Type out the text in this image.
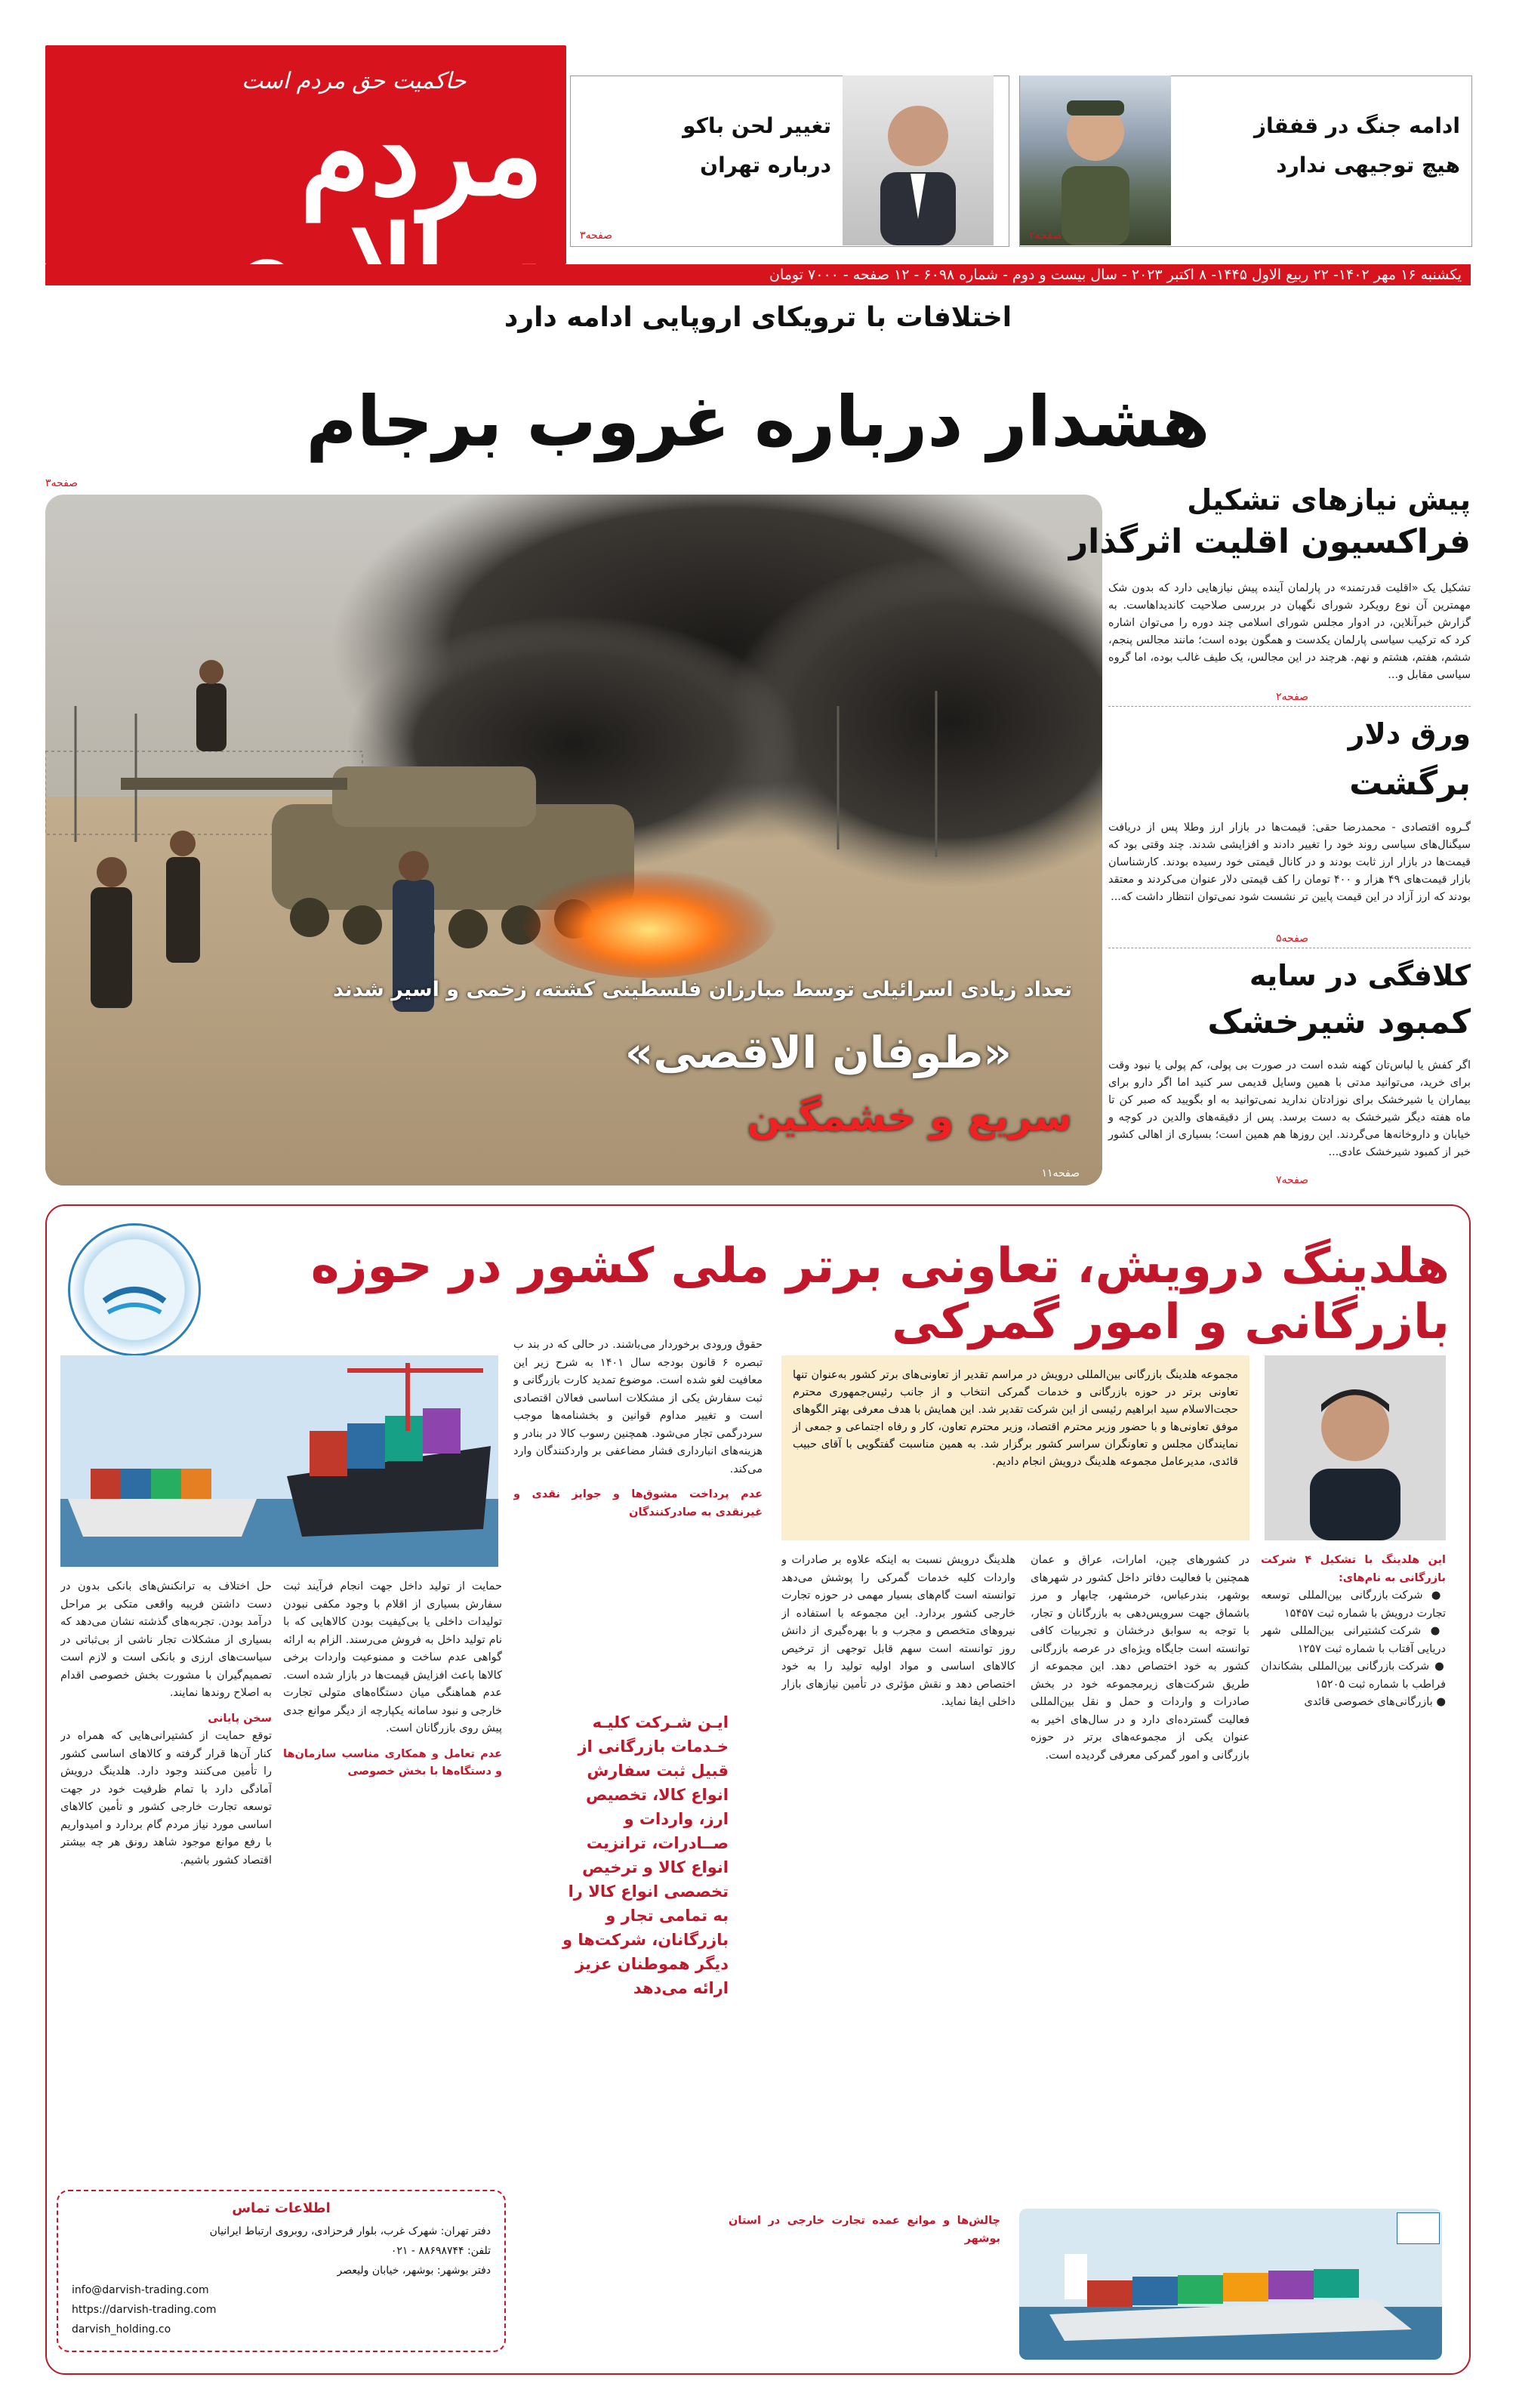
حاکمیت حق مردم است
مردم	ادامه جنگ در قفقاز
هیچ توجیهی ندارد
صفحه۲
تغییر لحن باکو
درباره تهران
صفحه۳
یکشنبه ۱۶ مهر ۱۴۰۲- ۲۲ ربیع الاول ۱۴۴۵- ۸ اکتبر ۲۰۲۳ - سال بیست و دوم - شماره ۶۰۹۸ - ۱۲ صفحه - ۷۰۰۰ تومان
اختلافات با ترویکای اروپایی ادامه دارد
هشدار درباره غروب برجام
صفحه۳
تعداد زیادی اسرائیلی توسط مبارزان فلسطینی کشته، زخمی و اسیر شدند
«طوفان الاقصی»
سریع و خشمگین
صفحه۱۱
پیش نیازهای تشکیل
فراکسیون اقلیت اثرگذار
تشکیل یک «اقلیت قدرتمند» در پارلمان آینده پیش نیازهایی دارد که بدون شک مهمترین آن نوع رویکرد شورای نگهبان در بررسی صلاحیت کاندیداهاست. به گزارش خبرآنلاین، در ادوار مجلس شورای اسلامی چند دوره را می‌توان اشاره کرد که ترکیب سیاسی پارلمان یکدست و همگون بوده است؛ مانند مجالس پنجم، ششم، هفتم، هشتم و نهم. هرچند در این مجالس، یک طیف غالب بوده، اما گروه سیاسی مقابل و...
صفحه۲
ورق دلار
برگشت
گـروه اقتصادی - محمدرضا حقی: قیمت‌ها در بازار ارز وطلا پس از دریافت سیگنال‌های سیاسی روند خود را تغییر دادند و افزایشی شدند. چند وقتی بود که قیمت‌ها در بازار ارز ثابت بودند و در کانال قیمتی خود رسیده بودند. کارشناسان بازار قیمت‌های ۴۹ هزار و ۴۰۰ تومان را کف قیمتی دلار عنوان می‌کردند و معتقد بودند که ارز آزاد در این قیمت پایین تر نشست شود نمی‌توان انتظار داشت که...
صفحه۵
کلافگی در سایه
کمبود شیرخشک
اگر کفش یا لباس‌تان کهنه شده است در صورت بی پولی، کم پولی یا نبود وقت برای خرید، می‌توانید مدتی با همین وسایل قدیمی سر کنید اما اگر دارو برای بیماران یا شیرخشک برای نوزادتان ندارید نمی‌توانید به او بگویید که صبر کن تا ماه هفته دیگر شیرخشک به دست برسد. پس از دقیقه‌های والدین در کوچه و خیابان و داروخانه‌ها می‌گردند. این روزها هم همین است؛ بسیاری از اهالی کشور خبر از کمبود شیرخشک عادی...
صفحه۷
هلدینگ درویش، تعاونی برتر ملی کشور در حوزه بازرگانی و امور گمرکی
مجموعه هلدینگ بازرگانی بین‌المللی درویش در مراسم تقدیر از تعاونی‌های برتر کشور به‌عنوان تنها تعاونی برتر در حوزه بازرگانی و خدمات گمرکی انتخاب و از جانب رئیس‌جمهوری محترم حجت‌الاسلام سید ابراهیم رئیسی از این شرکت تقدیر شد. این همایش با هدف معرفی بهتر الگوهای موفق تعاونی‌ها و با حضور وزیر محترم اقتصاد، وزیر محترم تعاون، کار و رفاه اجتماعی و جمعی از نمایندگان مجلس و تعاونگران سراسر کشور برگزار شد. به همین مناسبت گفتگویی با آقای حبیب قائدی، مدیرعامل مجموعه هلدینگ درویش انجام دادیم.
این هلدینگ با تشکیل ۴ شرکت بازرگانی به نام‌های:
● شرکت بازرگانی بین‌المللی توسعه تجارت درویش با شماره ثبت ۱۵۴۵۷
● شرکت کشتیرانی بین‌المللی شهر دریایی آفتاب با شماره ثبت ۱۲۵۷
● شرکت بازرگانی بین‌المللی بشکاندان فراطب با شماره ثبت ۱۵۲۰۵
● بازرگانی‌های خصوصی قائدی
در کشورهای چین، امارات، عراق و عمان همچنین با فعالیت دفاتر داخل کشور در شهرهای بوشهر، بندرعباس، خرمشهر، چابهار و مرز باشماق جهت سرویس‌دهی به بازرگانان و تجار، با توجه به سوابق درخشان و تجربیات کافی توانسته است جایگاه ویژه‌ای در عرصه بازرگانی کشور به خود اختصاص دهد. این مجموعه از طریق شرکت‌های زیرمجموعه خود در بخش صادرات و واردات و حمل و نقل بین‌المللی فعالیت گسترده‌ای دارد و در سال‌های اخیر به عنوان یکی از مجموعه‌های برتر در حوزه بازرگانی و امور گمرکی معرفی گردیده است.
هلدینگ درویش نسبت به اینکه علاوه بر صادرات و واردات کلیه خدمات گمرکی را پوشش می‌دهد توانسته است گام‌های بسیار مهمی در حوزه تجارت خارجی کشور بردارد. این مجموعه با استفاده از نیروهای متخصص و مجرب و با بهره‌گیری از دانش روز توانسته است سهم قابل توجهی از ترخیص کالاهای اساسی و مواد اولیه تولید را به خود اختصاص دهد و نقش مؤثری در تأمین نیازهای بازار داخلی ایفا نماید.
حقوق ورودی برخوردار می‌باشند. در حالی که در بند ب تبصره ۶ قانون بودجه سال ۱۴۰۱ به شرح زیر این معافیت لغو شده است. موضوع تمدید کارت بازرگانی و ثبت سفارش یکی از مشکلات اساسی فعالان اقتصادی است و تغییر مداوم قوانین و بخشنامه‌ها موجب سردرگمی تجار می‌شود. همچنین رسوب کالا در بنادر و هزینه‌های انبارداری فشار مضاعفی بر واردکنندگان وارد می‌کند.
عدم پرداخت مشوق‌ها و جوایز نقدی و غیرنقدی به صادرکنندگان
ایـن شـرکت کلیـه خـدمات بازرگانی از قبیل ثبت سفارش انواع کالا، تخصیص ارز، واردات و صــادرات، ترانزیت انواع کالا و ترخیص تخصصی انواع کالا را به تمامی تجار و بازرگانان، شرکت‌ها و دیگر هموطنان عزیز ارائه می‌دهد
چالش‌ها و موانع عمده تجارت خارجی در استان بوشهر
حمایت از تولید داخل جهت انجام فرآیند ثبت سفارش بسیاری از اقلام با وجود مکفی نبودن تولیدات داخلی یا بی‌کیفیت بودن کالاهایی که با نام تولید داخل به فروش می‌رسند. الزام به ارائه گواهی عدم ساخت و ممنوعیت واردات برخی کالاها باعث افزایش قیمت‌ها در بازار شده است. عدم هماهنگی میان دستگاه‌های متولی تجارت خارجی و نبود سامانه یکپارچه از دیگر موانع جدی پیش روی بازرگانان است.
عدم تعامل و همکاری مناسب سازمان‌ها و دستگاه‌ها با بخش خصوصی
حل اختلاف به ترانکنش‌های بانکی بدون در دست داشتن فریبه واقعی متکی بر مراحل درآمد بودن. تجربه‌های گذشته نشان می‌دهد که بسیاری از مشکلات تجار ناشی از بی‌ثباتی در سیاست‌های ارزی و بانکی است و لازم است تصمیم‌گیران با مشورت بخش خصوصی اقدام به اصلاح روندها نمایند.
سخن پایانی
توقع حمایت از کشتیرانی‌هایی که همراه در کنار آن‌ها قرار گرفته و کالاهای اساسی کشور را تأمین می‌کنند وجود دارد. هلدینگ درویش آمادگی دارد با تمام ظرفیت خود در جهت توسعه تجارت خارجی کشور و تأمین کالاهای اساسی مورد نیاز مردم گام بردارد و امیدواریم با رفع موانع موجود شاهد رونق هر چه بیشتر اقتصاد کشور باشیم.
اطلاعات تماس
دفتر تهران: شهرک غرب، بلوار فرحزادی، روبروی ارتباط ایرانیان
تلفن: ۸۸۶۹۸۷۴۴ - ۰۲۱
دفتر بوشهر: بوشهر، خیابان ولیعصر
info@darvish-trading.com
https://darvish-trading.com
darvish_holding.co
